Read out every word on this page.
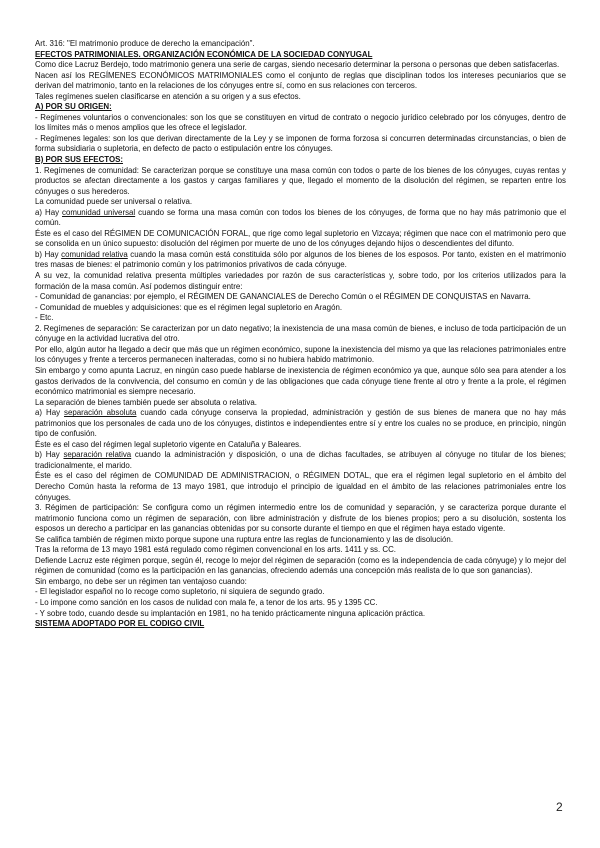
Art. 316: "El matrimonio produce de derecho la emancipación".

EFECTOS PATRIMONIALES. ORGANIZACIÓN ECONÓMICA DE LA SOCIEDAD CONYUGAL

Como dice Lacruz Berdejo, todo matrimonio genera una serie de cargas, siendo necesario determinar la persona o personas que deben satisfacerlas.

Nacen así los REGÍMENES ECONÓMICOS MATRIMONIALES como el conjunto de reglas que disciplinan todos los intereses pecuniarios que se derivan del matrimonio, tanto en la relaciones de los cónyuges entre sí, como en sus relaciones con terceros.

Tales regímenes suelen clasificarse en atención a su origen y a sus efectos.

A) POR SU ORIGEN:

- Regímenes voluntarios o convencionales: son los que se constituyen en virtud de contrato o negocio jurídico celebrado por los cónyuges, dentro de los límites más o menos amplios que les ofrece el legislador.

- Regímenes legales: son los que derivan directamente de la Ley y se imponen de forma forzosa si concurren determinadas circunstancias, o bien de forma subsidiaria o supletoria, en defecto de pacto o estipulación entre los cónyuges.

B) POR SUS EFECTOS:

1. Regímenes de comunidad: Se caracterizan porque se constituye una masa común con todos o parte de los bienes de los cónyuges, cuyas rentas y productos se afectan directamente a los gastos y cargas familiares y que, llegado el momento de la disolución del régimen, se reparten entre los cónyuges o sus herederos.

La comunidad puede ser universal o relativa.

a) Hay comunidad universal cuando se forma una masa común con todos los bienes de los cónyuges, de forma que no hay más patrimonio que el común.

Éste es el caso del RÉGIMEN DE COMUNICACIÓN FORAL, que rige como legal supletorio en Vizcaya; régimen que nace con el matrimonio pero que se consolida en un único supuesto: disolución del régimen por muerte de uno de los cónyuges dejando hijos o descendientes del difunto.

b) Hay comunidad relativa cuando la masa común está constituida sólo por algunos de los bienes de los esposos. Por tanto, existen en el matrimonio tres masas de bienes: el patrimonio común y los patrimonios privativos de cada cónyuge.

A su vez, la comunidad relativa presenta múltiples variedades por razón de sus características y, sobre todo, por los criterios utilizados para la formación de la masa común. Así podemos distinguir entre:

- Comunidad de ganancias: por ejemplo, el RÉGIMEN DE GANANCIALES de Derecho Común o el RÉGIMEN DE CONQUISTAS en Navarra.

- Comunidad de muebles y adquisiciones: que es el régimen legal supletorio en Aragón.

- Etc.

2. Regímenes de separación: Se caracterizan por un dato negativo; la inexistencia de una masa común de bienes, e incluso de toda participación de un cónyuge en la actividad lucrativa del otro.

Por ello, algún autor ha llegado a decir que más que un régimen económico, supone la inexistencia del mismo ya que las relaciones patrimoniales entre los cónyuges y frente a terceros permanecen inalteradas, como si no hubiera habido matrimonio.

Sin embargo y como apunta Lacruz, en ningún caso puede hablarse de inexistencia de régimen económico ya que, aunque sólo sea para atender a los gastos derivados de la convivencia, del consumo en común y de las obligaciones que cada cónyuge tiene frente al otro y frente a la prole, el régimen económico matrimonial es siempre necesario.

La separación de bienes también puede ser absoluta o relativa.

a) Hay separación absoluta cuando cada cónyuge conserva la propiedad, administración y gestión de sus bienes de manera que no hay más patrimonios que los personales de cada uno de los cónyuges, distintos e independientes entre sí y entre los cuales no se produce, en principio, ningún tipo de confusión.

Éste es el caso del régimen legal supletorio vigente en Cataluña y Baleares.

b) Hay separación relativa cuando la administración y disposición, o una de dichas facultades, se atribuyen al cónyuge no titular de los bienes; tradicionalmente, el marido.

Éste es el caso del régimen de COMUNIDAD DE ADMINISTRACION, o RÉGIMEN DOTAL, que era el régimen legal supletorio en el ámbito del Derecho Común hasta la reforma de 13 mayo 1981, que introdujo el principio de igualdad en el ámbito de las relaciones patrimoniales entre los cónyuges.

3. Régimen de participación: Se configura como un régimen intermedio entre los de comunidad y separación, y se caracteriza porque durante el matrimonio funciona como un régimen de separación, con libre administración y disfrute de los bienes propios; pero a su disolución, sostenta los esposos un derecho a participar en las ganancias obtenidas por su consorte durante el tiempo en que el régimen haya estado vigente.

Se califica también de régimen mixto porque supone una ruptura entre las reglas de funcionamiento y las de disolución.

Tras la reforma de 13 mayo 1981 está regulado como régimen convencional en los arts. 1411 y ss. CC.

Defiende Lacruz este régimen porque, según él, recoge lo mejor del régimen de separación (como es la independencia de cada cónyuge) y lo mejor del régimen de comunidad (como es la participación en las ganancias, ofreciendo además una concepción más realista de lo que son ganancias).

Sin embargo, no debe ser un régimen tan ventajoso cuando:

- El legislador español no lo recoge como supletorio, ni siquiera de segundo grado.

- Lo impone como sanción en los casos de nulidad con mala fe, a tenor de los arts. 95 y 1395 CC.

- Y sobre todo, cuando desde su implantación en 1981, no ha tenido prácticamente ninguna aplicación práctica.

SISTEMA ADOPTADO POR EL CODIGO CIVIL

2
